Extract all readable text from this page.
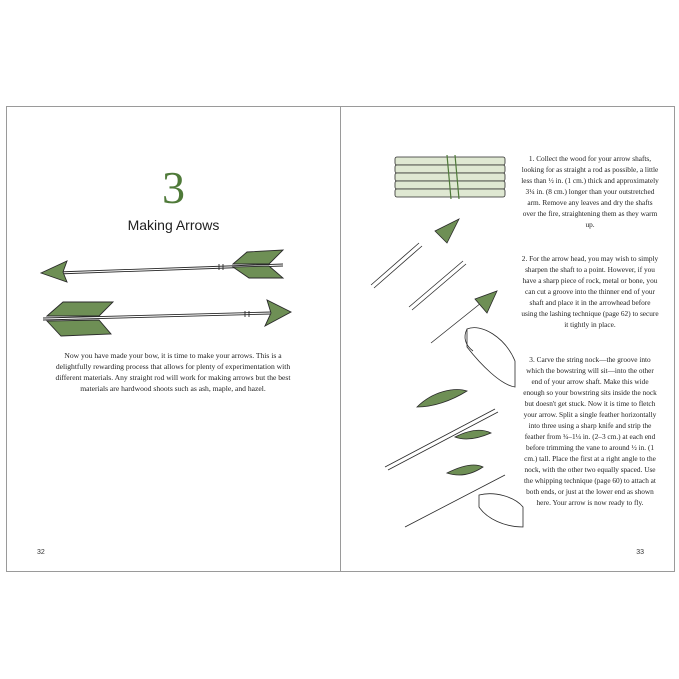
3
Making Arrows

Now you have made your bow, it is time to make your arrows. This is a delightfully rewarding process that allows for plenty of experimentation with different materials. Any straight rod will work for making arrows but the best materials are hardwood shoots such as ash, maple, and hazel.

32

1. Collect the wood for your arrow shafts, looking for as straight a rod as possible, a little less than ½ in. (1 cm.) thick and approximately 3¼ in. (8 cm.) longer than your outstretched arm. Remove any leaves and dry the shafts over the fire, straightening them as they warm up.

2. For the arrow head, you may wish to simply sharpen the shaft to a point. However, if you have a sharp piece of rock, metal or bone, you can cut a groove into the thinner end of your shaft and place it in the arrowhead before using the lashing technique (page 62) to secure it tightly in place.

3. Carve the string nock—the groove into which the bowstring will sit—into the other end of your arrow shaft. Make this wide enough so your bowstring sits inside the nock but doesn't get stuck. Now it is time to fletch your arrow. Split a single feather horizontally into three using a sharp knife and strip the feather from ¾–1¼ in. (2–3 cm.) at each end before trimming the vane to around ½ in. (1 cm.) tall. Place the first at a right angle to the nock, with the other two equally spaced. Use the whipping technique (page 60) to attach at both ends, or just at the lower end as shown here. Your arrow is now ready to fly.

33
